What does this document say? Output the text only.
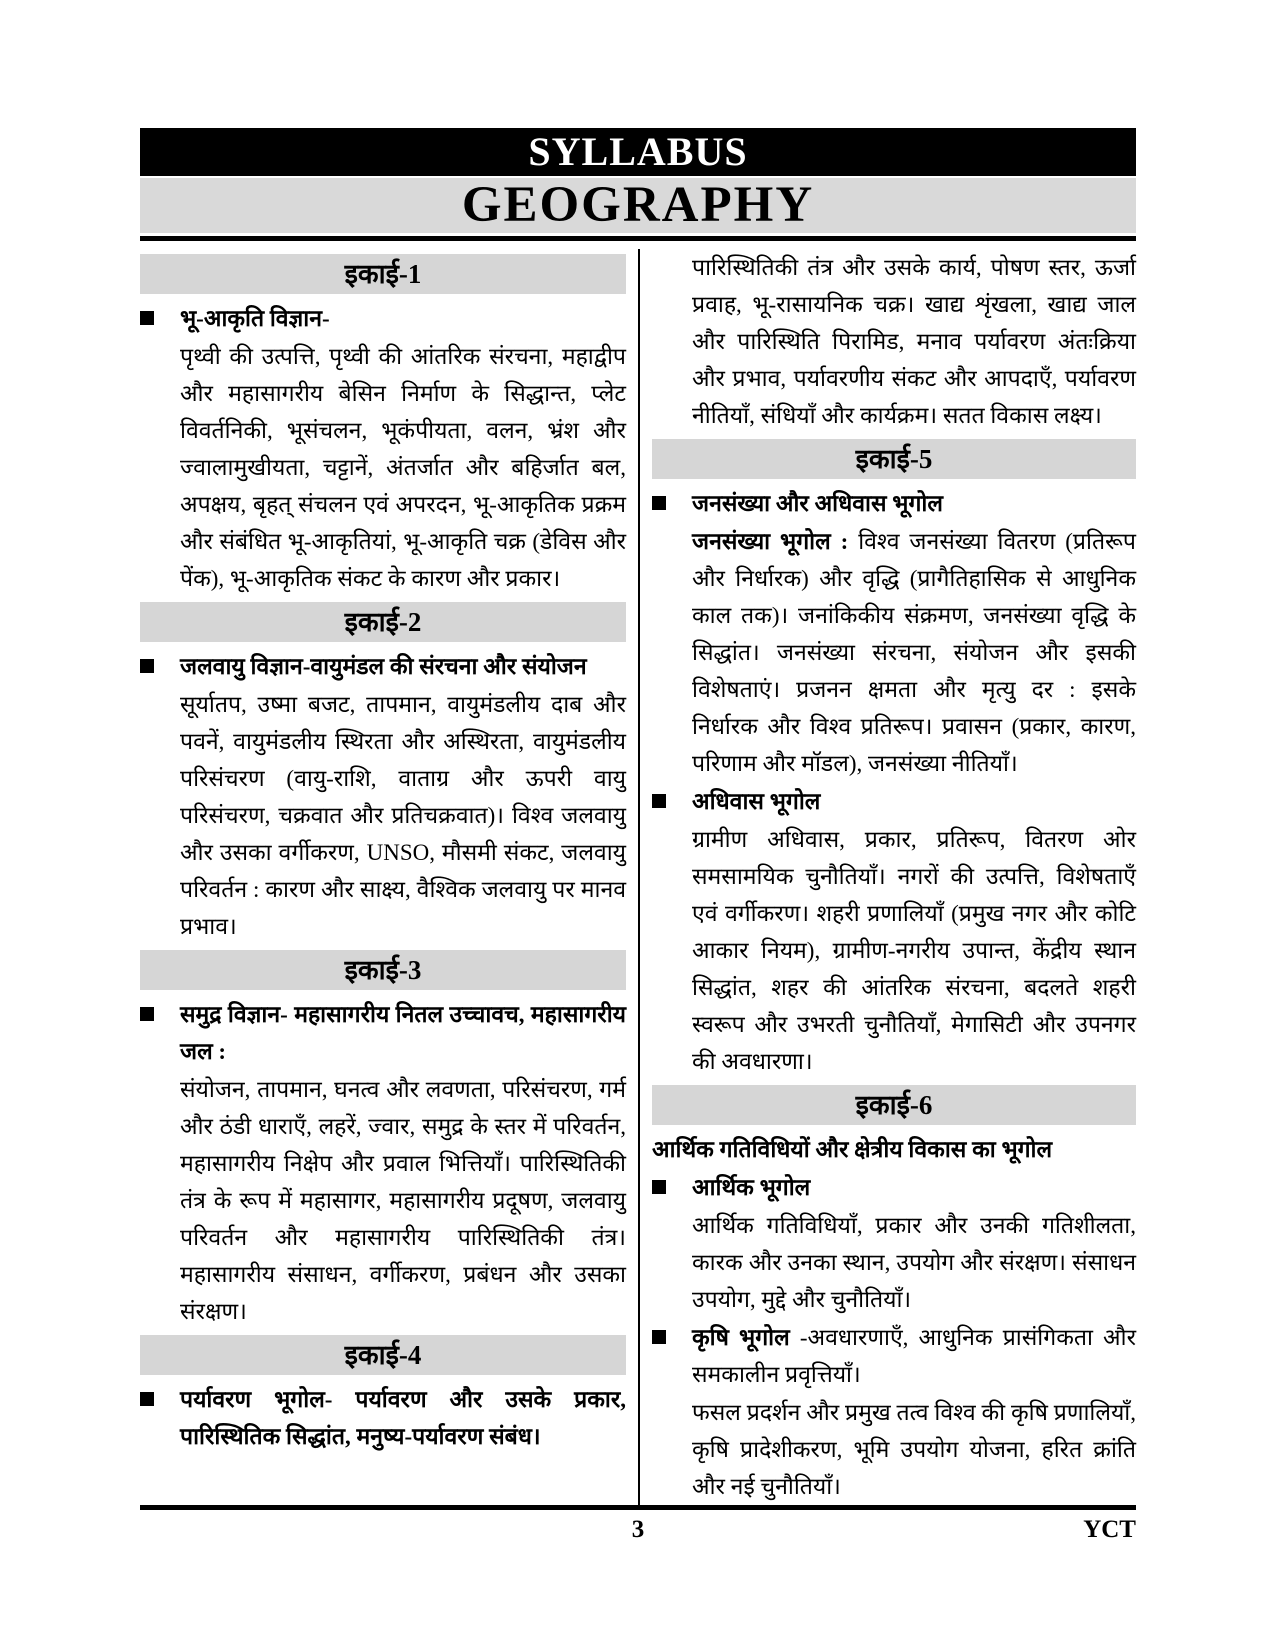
SYLLABUS
GEOGRAPHY
इकाई-1
भू-आकृति विज्ञान-
पृथ्वी की उत्पत्ति, पृथ्वी की आंतरिक संरचना, महाद्वीप और महासागरीय बेसिन निर्माण के सिद्धान्त, प्लेट विवर्तनिकी, भूसंचलन, भूकंपीयता, वलन, भ्रंश और ज्वालामुखीयता, चट्टानें, अंतर्जात और बहिर्जात बल, अपक्षय, बृहत् संचलन एवं अपरदन, भू-आकृतिक प्रक्रम और संबंधित भू-आकृतियां, भू-आकृति चक्र (डेविस और पेंक), भू-आकृतिक संकट के कारण और प्रकार।
इकाई-2
जलवायु विज्ञान-वायुमंडल की संरचना और संयोजन
सूर्यातप, उष्मा बजट, तापमान, वायुमंडलीय दाब और पवनें, वायुमंडलीय स्थिरता और अस्थिरता, वायुमंडलीय परिसंचरण (वायु-राशि, वाताग्र और ऊपरी वायु परिसंचरण, चक्रवात और प्रतिचक्रवात)। विश्व जलवायु और उसका वर्गीकरण, UNSO, मौसमी संकट, जलवायु परिवर्तन : कारण और साक्ष्य, वैश्विक जलवायु पर मानव प्रभाव।
इकाई-3
समुद्र विज्ञान- महासागरीय नितल उच्चावच, महासागरीय जल :
संयोजन, तापमान, घनत्व और लवणता, परिसंचरण, गर्म और ठंडी धाराएँ, लहरें, ज्वार, समुद्र के स्तर में परिवर्तन, महासागरीय निक्षेप और प्रवाल भित्तियाँ। पारिस्थितिकी तंत्र के रूप में महासागर, महासागरीय प्रदूषण, जलवायु परिवर्तन और महासागरीय पारिस्थितिकी तंत्र। महासागरीय संसाधन, वर्गीकरण, प्रबंधन और उसका संरक्षण।
इकाई-4
पर्यावरण भूगोल- पर्यावरण और उसके प्रकार, पारिस्थितिक सिद्धांत, मनुष्य-पर्यावरण संबंध।
पारिस्थितिकी तंत्र और उसके कार्य, पोषण स्तर, ऊर्जा प्रवाह, भू-रासायनिक चक्र। खाद्य शृंखला, खाद्य जाल और पारिस्थिति पिरामिड, मनाव पर्यावरण अंतःक्रिया और प्रभाव, पर्यावरणीय संकट और आपदाएँ, पर्यावरण नीतियाँ, संधियाँ और कार्यक्रम। सतत विकास लक्ष्य।
इकाई-5
जनसंख्या और अधिवास भूगोल
जनसंख्या भूगोल : विश्व जनसंख्या वितरण (प्रतिरूप और निर्धारक) और वृद्धि (प्रागैतिहासिक से आधुनिक काल तक)। जनांकिकीय संक्रमण, जनसंख्या वृद्धि के सिद्धांत। जनसंख्या संरचना, संयोजन और इसकी विशेषताएं। प्रजनन क्षमता और मृत्यु दर : इसके निर्धारक और विश्व प्रतिरूप। प्रवासन (प्रकार, कारण, परिणाम और मॉडल), जनसंख्या नीतियाँ।
अधिवास भूगोल
ग्रामीण अधिवास, प्रकार, प्रतिरूप, वितरण ओर समसामयिक चुनौतियाँ। नगरों की उत्पत्ति, विशेषताएँ एवं वर्गीकरण। शहरी प्रणालियाँ (प्रमुख नगर और कोटि आकार नियम), ग्रामीण-नगरीय उपान्त, केंद्रीय स्थान सिद्धांत, शहर की आंतरिक संरचना, बदलते शहरी स्वरूप और उभरती चुनौतियाँ, मेगासिटी और उपनगर की अवधारणा।
इकाई-6
आर्थिक गतिविधियों और क्षेत्रीय विकास का भूगोल
आर्थिक भूगोल
आर्थिक गतिविधियाँ, प्रकार और उनकी गतिशीलता, कारक और उनका स्थान, उपयोग और संरक्षण। संसाधन उपयोग, मुद्दे और चुनौतियाँ।
कृषि भूगोल -अवधारणाएँ, आधुनिक प्रासंगिकता और समकालीन प्रवृत्तियाँ।
फसल प्रदर्शन और प्रमुख तत्व विश्व की कृषि प्रणालियाँ, कृषि प्रादेशीकरण, भूमि उपयोग योजना, हरित क्रांति और नई चुनौतियाँ।
3	YCT
